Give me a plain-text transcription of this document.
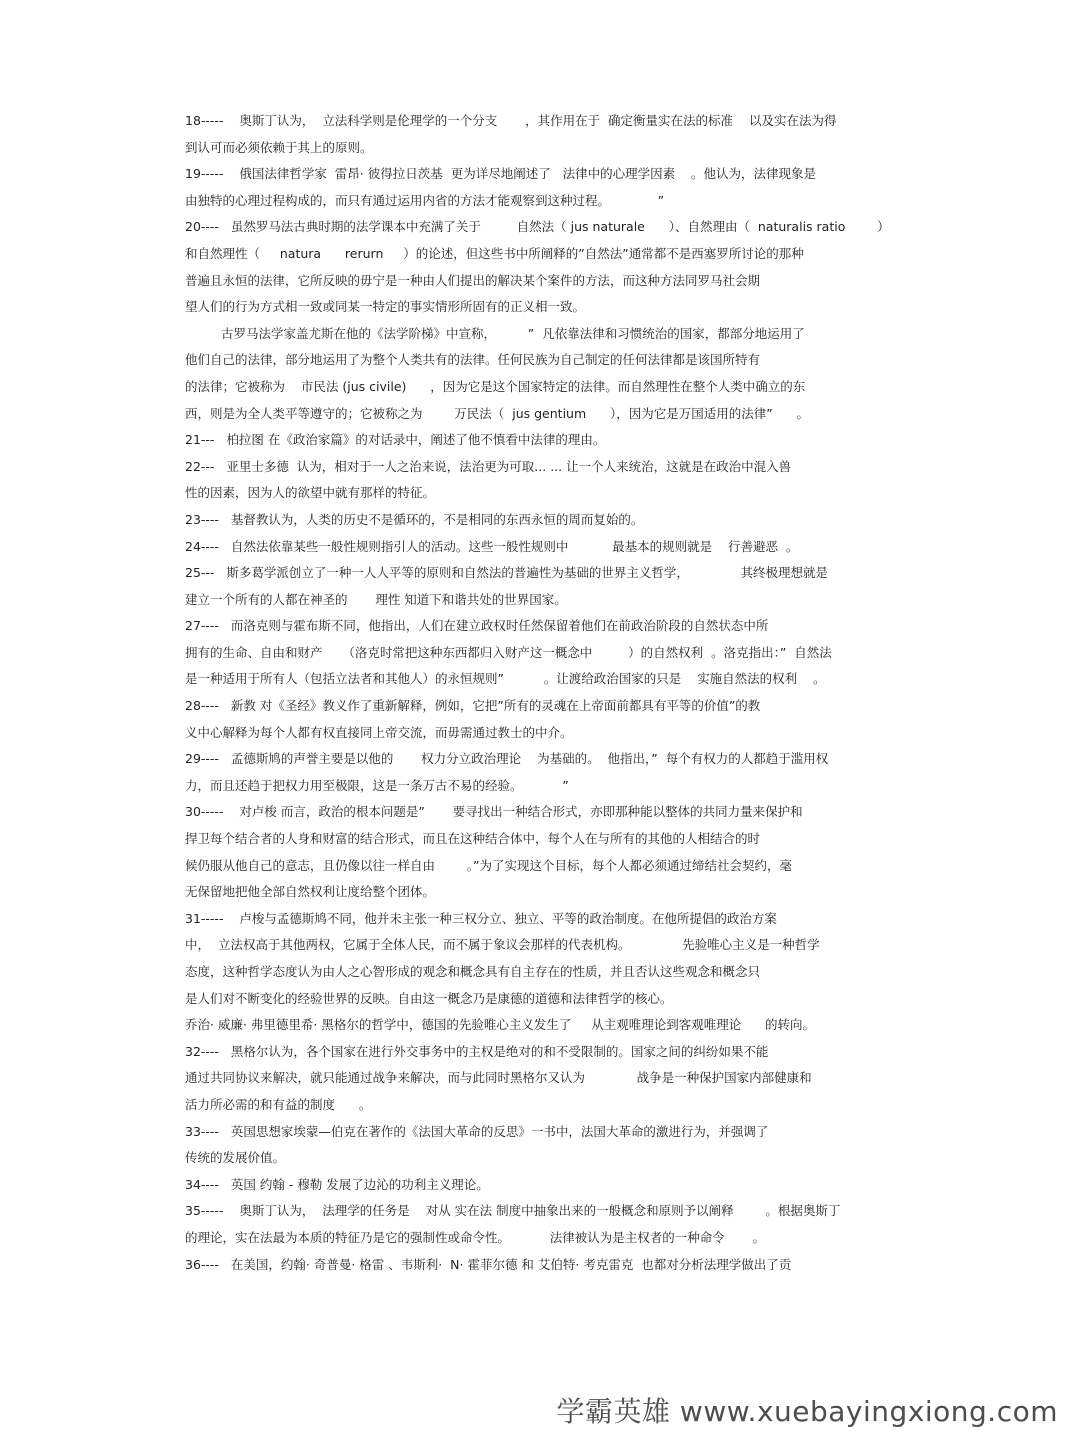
18-----    奥斯丁认为，  立法科学则是伦理学的一个分支       ，其作用在于  确定衡量实在法的标准    以及实在法为得
到认可而必须依赖于其上的原则。
19-----    俄国法律哲学家  雷昂· 彼得拉日茨基  更为详尽地阐述了   法律中的心理学因素    。他认为，法律现象是
由独特的心理过程构成的，而只有通过运用内省的方法才能观察到这种过程。            ”
20----   虽然罗马法古典时期的法学课本中充满了关于         自然法（ jus naturale      ）、自然理由（  naturalis ratio        ）
和自然理性（     natura      rerurn     ）的论述，但这些书中所阐释的”自然法”通常都不是西塞罗所讨论的那种
普遍且永恒的法律，它所反映的毋宁是一种由人们提出的解决某个案件的方法，而这种方法同罗马社会期
望人们的行为方式相一致或同某一特定的事实情形所固有的正义相一致。
古罗马法学家盖尤斯在他的《法学阶梯》中宣称，        ”  凡依靠法律和习惯统治的国家，都部分地运用了
他们自己的法律，部分地运用了为整个人类共有的法律。任何民族为自己制定的任何法律都是该国所特有
的法律；它被称为    市民法 (jus civile)      ，因为它是这个国家特定的法律。而自然理性在整个人类中确立的东
西，则是为全人类平等遵守的；它被称之为        万民法（  jus gentium      ），因为它是万国适用的法律”      。
21---   柏拉图 在《政治家篇》的对话录中，阐述了他不慎看中法律的理由。
22---   亚里士多德  认为，相对于一人之治来说，法治更为可取... ... 让一个人来统治，这就是在政治中混入兽
性的因素，因为人的欲望中就有那样的特征。
23----   基督教认为，人类的历史不是循环的，不是相同的东西永恒的周而复始的。
24----   自然法依靠某些一般性规则指引人的活动。这些一般性规则中           最基本的规则就是    行善避恶  。
25---   斯多葛学派创立了一种一人人平等的原则和自然法的普遍性为基础的世界主义哲学，             其终极理想就是
建立一个所有的人都在神圣的       理性 知道下和谐共处的世界国家。
27----   而洛克则与霍布斯不同，他指出，人们在建立政权时任然保留着他们在前政治阶段的自然状态中所
拥有的生命、自由和财产     （洛克时常把这种东西都归入财产这一概念中         ）的自然权利  。洛克指出：”  自然法
是一种适用于所有人（包括立法者和其他人）的永恒规则”          。让渡给政治国家的只是    实施自然法的权利    。
28----   新教 对《圣经》教义作了重新解释，例如，它把”所有的灵魂在上帝面前都具有平等的价值”的教
义中心解释为每个人都有权直接同上帝交流，而毋需通过教士的中介。
29----   孟德斯鸠的声誉主要是以他的       权力分立政治理论    为基础的。  他指出，”  每个有权力的人都趋于滥用权
力，而且还趋于把权力用至极限，这是一条万古不易的经验。          ”
30-----    对卢梭 而言，政治的根本问题是”       要寻找出一种结合形式，亦即那种能以整体的共同力量来保护和
捍卫每个结合者的人身和财富的结合形式，而且在这种结合体中，每个人在与所有的其他的人相结合的时
候仍服从他自己的意志，且仍像以往一样自由        。”为了实现这个目标，每个人都必须通过缔结社会契约，毫
无保留地把他全部自然权利让度给整个团体。
31-----    卢梭与孟德斯鸠不同，他并未主张一种三权分立、独立、平等的政治制度。在他所提倡的政治方案
中，  立法权高于其他两权，它属于全体人民，而不属于象议会那样的代表机构。             先验唯心主义是一种哲学
态度，这种哲学态度认为由人之心智形成的观念和概念具有自主存在的性质，并且否认这些观念和概念只
是人们对不断变化的经验世界的反映。自由这一概念乃是康德的道德和法律哲学的核心。
乔治· 威廉· 弗里德里希· 黑格尔的哲学中，德国的先验唯心主义发生了     从主观唯理论到客观唯理论      的转向。
32----   黑格尔认为，各个国家在进行外交事务中的主权是绝对的和不受限制的。国家之间的纠纷如果不能
通过共同协议来解决，就只能通过战争来解决，而与此同时黑格尔又认为             战争是一种保护国家内部健康和
活力所必需的和有益的制度      。
33----   英国思想家埃蒙—伯克在著作的《法国大革命的反思》一书中，法国大革命的激进行为，并强调了
传统的发展价值。
34----   英国 约翰 - 穆勒 发展了边沁的功利主义理论。
35-----    奥斯丁认为，  法理学的任务是    对从 实在法 制度中抽象出来的一般概念和原则予以阐释        。根据奥斯丁
的理论，实在法最为本质的特征乃是它的强制性或命令性。          法律被认为是主权者的一种命令       。
36----   在美国，约翰· 奇普曼· 格雷 、韦斯利·  N· 霍菲尔德 和 艾伯特· 考克雷克  也都对分析法理学做出了贡
学霸英雄 www.xuebayingxiong.com
